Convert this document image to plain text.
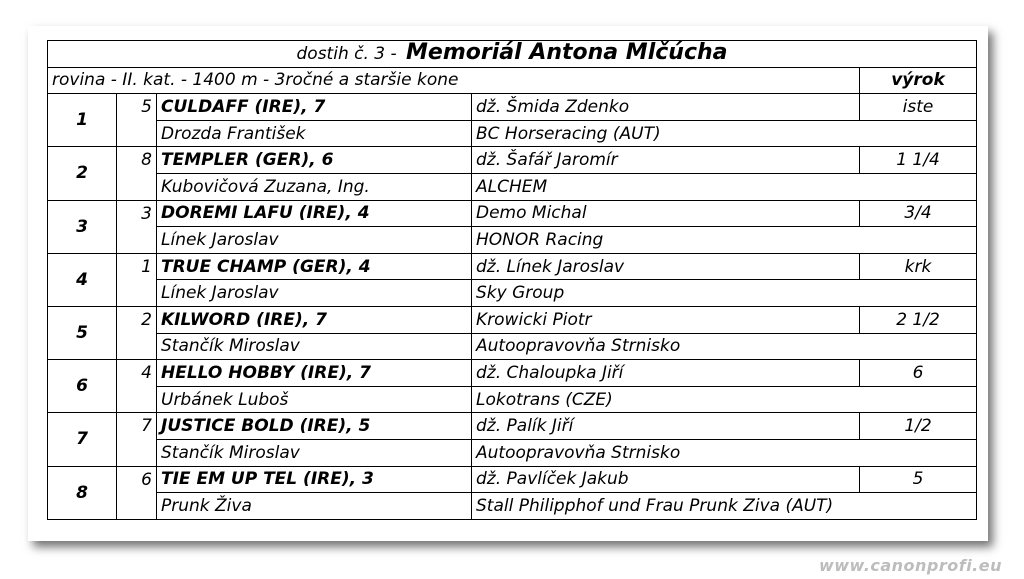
dostih č. 3 - Memoriál Antona Mlčúcha				
rovina - II. kat. - 1400 m - 3ročné a staršie kone				výrok
1	5	CULDAFF (IRE), 7	dž. Šmida Zdenko	iste
		Drozda František	BC Horseracing (AUT)	
2	8	TEMPLER (GER), 6	dž. Šafář Jaromír	1 1/4
		Kubovičová Zuzana, Ing.	ALCHEM	
3	3	DOREMI LAFU (IRE), 4	Demo Michal	3/4
		Línek Jaroslav	HONOR Racing	
4	1	TRUE CHAMP (GER), 4	dž. Línek Jaroslav	krk
		Línek Jaroslav	Sky Group	
5	2	KILWORD (IRE), 7	Krowicki Piotr	2 1/2
		Stančík Miroslav	Autoopravovňa Strnisko	
6	4	HELLO HOBBY (IRE), 7	dž. Chaloupka Jiří	6
		Urbánek Luboš	Lokotrans (CZE)	
7	7	JUSTICE BOLD (IRE), 5	dž. Palík Jiří	1/2
		Stančík Miroslav	Autoopravovňa Strnisko	
8	6	TIE EM UP TEL (IRE), 3	dž. Pavlíček Jakub	5
		Prunk Živa	Stall Philipphof und Frau Prunk Ziva (AUT)	
www.canonprofi.eu
